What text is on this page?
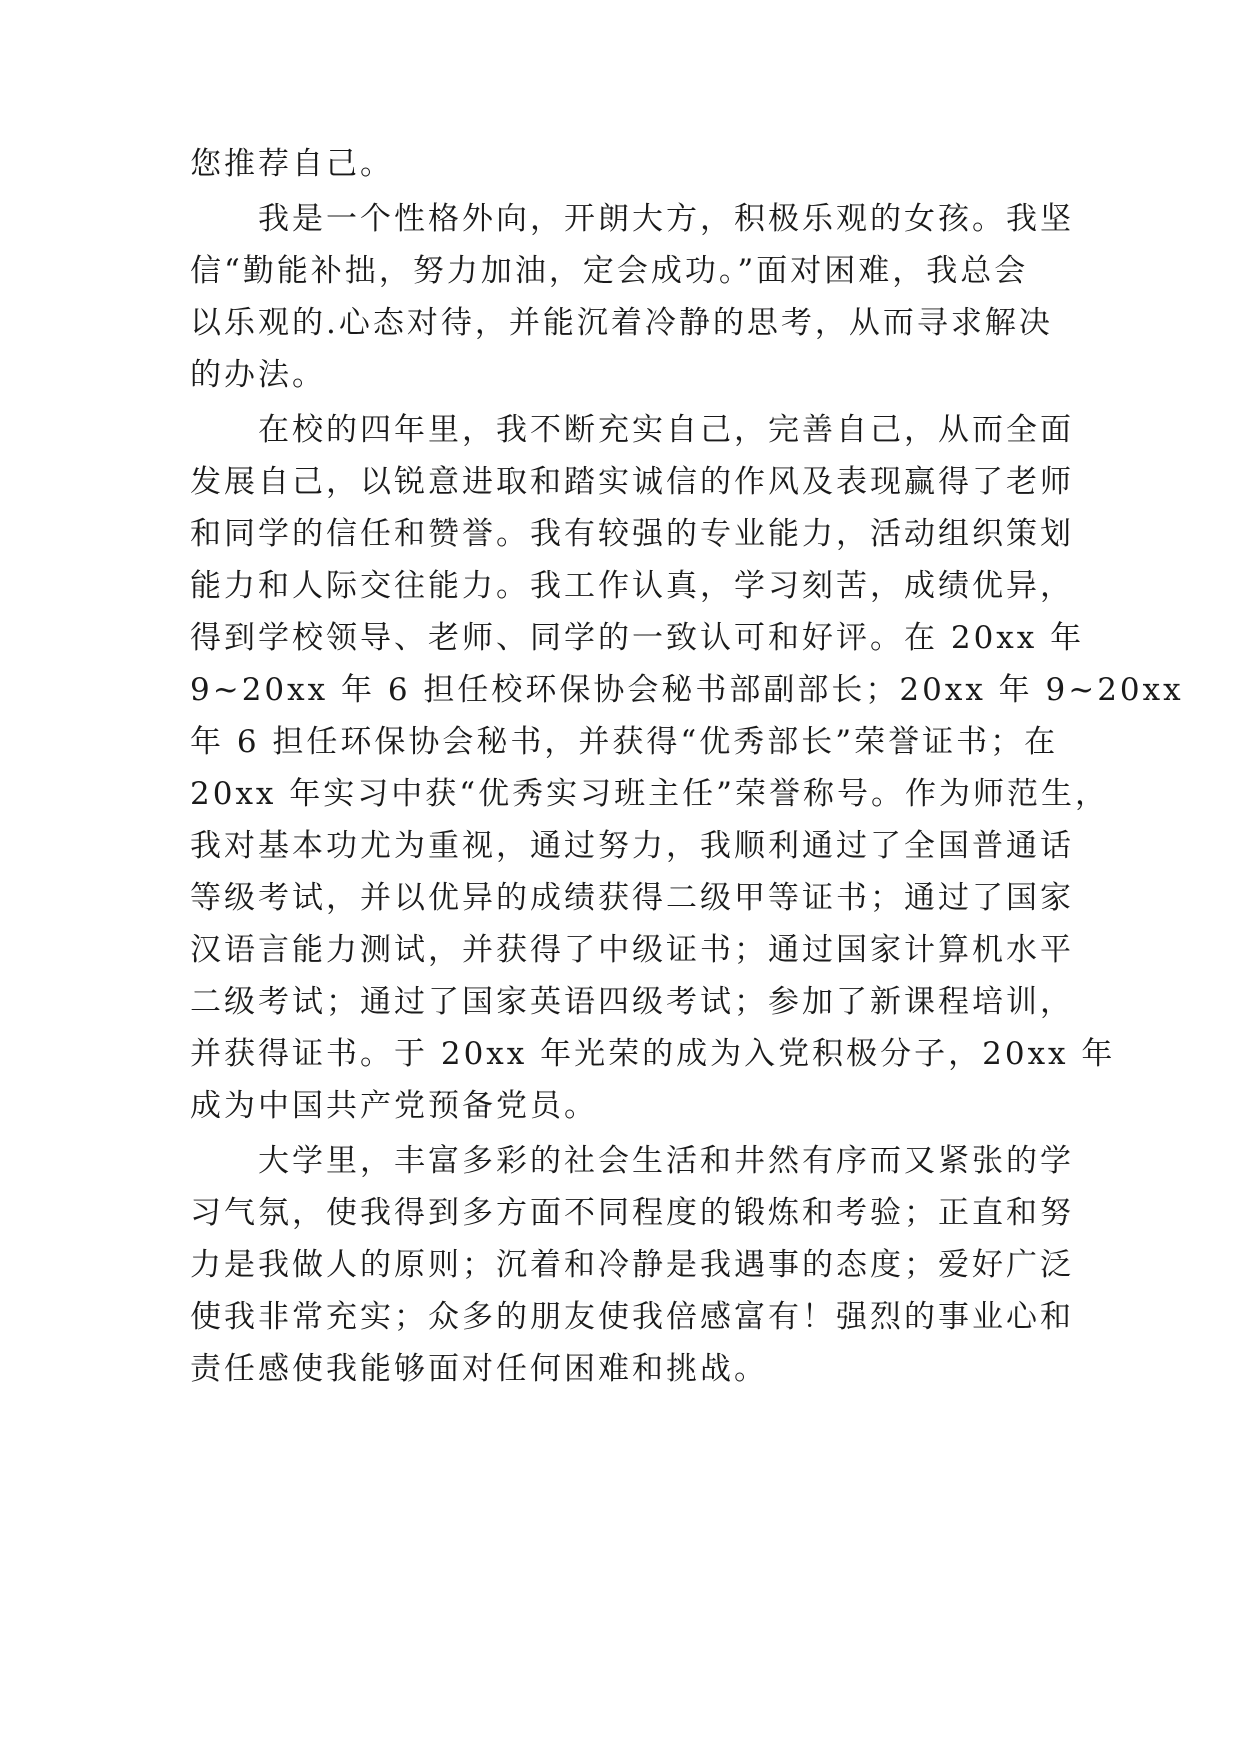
您推荐自己。
　　我是一个性格外向，开朗大方，积极乐观的女孩。我坚
信“勤能补拙，努力加油，定会成功。”面对困难，我总会
以乐观的.心态对待，并能沉着冷静的思考，从而寻求解决
的办法。
　　在校的四年里，我不断充实自己，完善自己，从而全面
发展自己，以锐意进取和踏实诚信的作风及表现赢得了老师
和同学的信任和赞誉。我有较强的专业能力，活动组织策划
能力和人际交往能力。我工作认真，学习刻苦，成绩优异，
得到学校领导、老师、同学的一致认可和好评。在 20xx 年
9~20xx 年 6 担任校环保协会秘书部副部长；20xx 年 9~20xx
年 6 担任环保协会秘书，并获得“优秀部长”荣誉证书；在
20xx 年实习中获“优秀实习班主任”荣誉称号。作为师范生，
我对基本功尤为重视，通过努力，我顺利通过了全国普通话
等级考试，并以优异的成绩获得二级甲等证书；通过了国家
汉语言能力测试，并获得了中级证书；通过国家计算机水平
二级考试；通过了国家英语四级考试；参加了新课程培训，
并获得证书。于 20xx 年光荣的成为入党积极分子，20xx 年
成为中国共产党预备党员。
　　大学里，丰富多彩的社会生活和井然有序而又紧张的学
习气氛，使我得到多方面不同程度的锻炼和考验；正直和努
力是我做人的原则；沉着和冷静是我遇事的态度；爱好广泛
使我非常充实；众多的朋友使我倍感富有！强烈的事业心和
责任感使我能够面对任何困难和挑战。
